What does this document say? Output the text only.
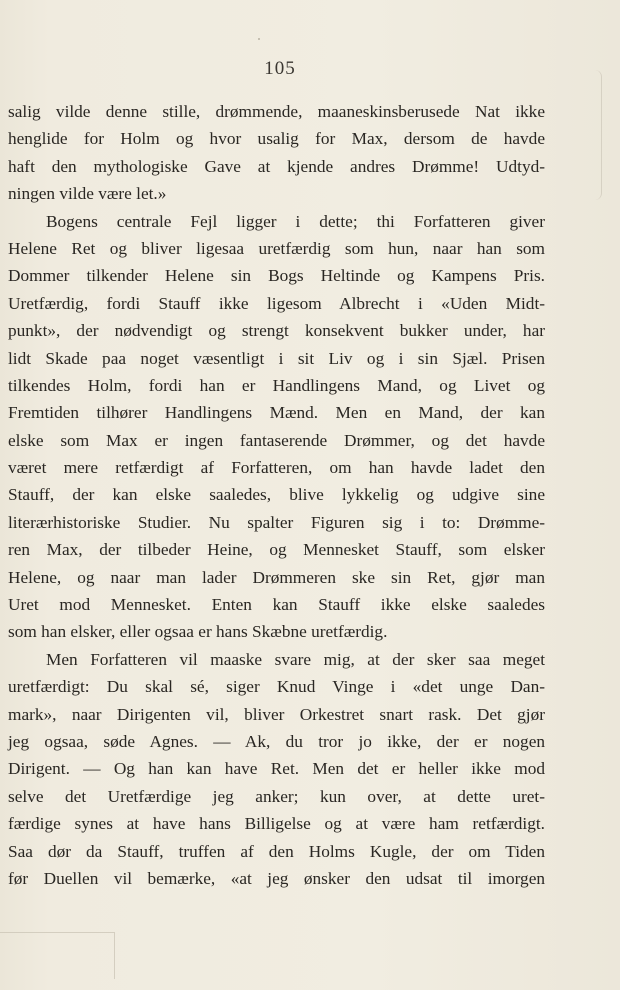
105
salig vilde denne stille, drømmende, maaneskinsberusede Nat ikke
henglide for Holm og hvor usalig for Max, dersom de havde
haft den mythologiske Gave at kjende andres Drømme! Udtyd-
ningen vilde være let.»
Bogens centrale Fejl ligger i dette; thi Forfatteren giver
Helene Ret og bliver ligesaa uretfærdig som hun, naar han som
Dommer tilkender Helene sin Bogs Heltinde og Kampens Pris.
Uretfærdig, fordi Stauff ikke ligesom Albrecht i «Uden Midt-
punkt», der nødvendigt og strengt konsekvent bukker under, har
lidt Skade paa noget væsentligt i sit Liv og i sin Sjæl. Prisen
tilkendes Holm, fordi han er Handlingens Mand, og Livet og
Fremtiden tilhører Handlingens Mænd. Men en Mand, der kan
elske som Max er ingen fantaserende Drømmer, og det havde
været mere retfærdigt af Forfatteren, om han havde ladet den
Stauff, der kan elske saaledes, blive lykkelig og udgive sine
literærhistoriske Studier. Nu spalter Figuren sig i to: Drømme-
ren Max, der tilbeder Heine, og Mennesket Stauff, som elsker
Helene, og naar man lader Drømmeren ske sin Ret, gjør man
Uret mod Mennesket. Enten kan Stauff ikke elske saaledes
som han elsker, eller ogsaa er hans Skæbne uretfærdig.
Men Forfatteren vil maaske svare mig, at der sker saa meget
uretfærdigt: Du skal sé, siger Knud Vinge i «det unge Dan-
mark», naar Dirigenten vil, bliver Orkestret snart rask. Det gjør
jeg ogsaa, søde Agnes. — Ak, du tror jo ikke, der er nogen
Dirigent. — Og han kan have Ret. Men det er heller ikke mod
selve det Uretfærdige jeg anker; kun over, at dette uret-
færdige synes at have hans Billigelse og at være ham retfærdigt.
Saa dør da Stauff, truffen af den Holms Kugle, der om Tiden
før Duellen vil bemærke, «at jeg ønsker den udsat til imorgen
